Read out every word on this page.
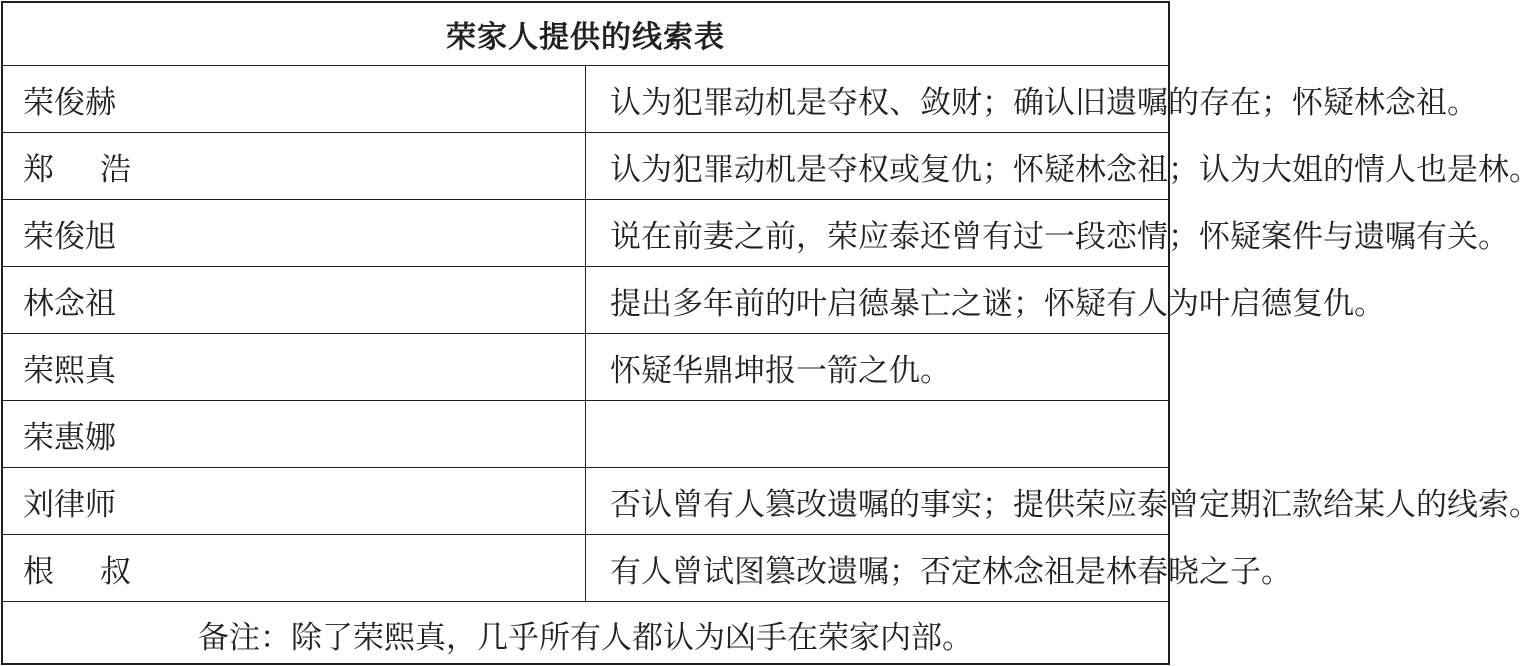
荣家人提供的线索表	
荣俊赫	认为犯罪动机是夺权、敛财；确认旧遗嘱的存在；怀疑林念祖。
郑 浩	认为犯罪动机是夺权或复仇；怀疑林念祖；认为大姐的情人也是林。
荣俊旭	说在前妻之前，荣应泰还曾有过一段恋情；怀疑案件与遗嘱有关。
林念祖	提出多年前的叶启德暴亡之谜；怀疑有人为叶启德复仇。
荣熙真	怀疑华鼎坤报一箭之仇。
荣惠娜	
刘律师	否认曾有人篡改遗嘱的事实；提供荣应泰曾定期汇款给某人的线索。
根 叔	有人曾试图篡改遗嘱；否定林念祖是林春晓之子。
备注：除了荣熙真，几乎所有人都认为凶手在荣家内部。	
